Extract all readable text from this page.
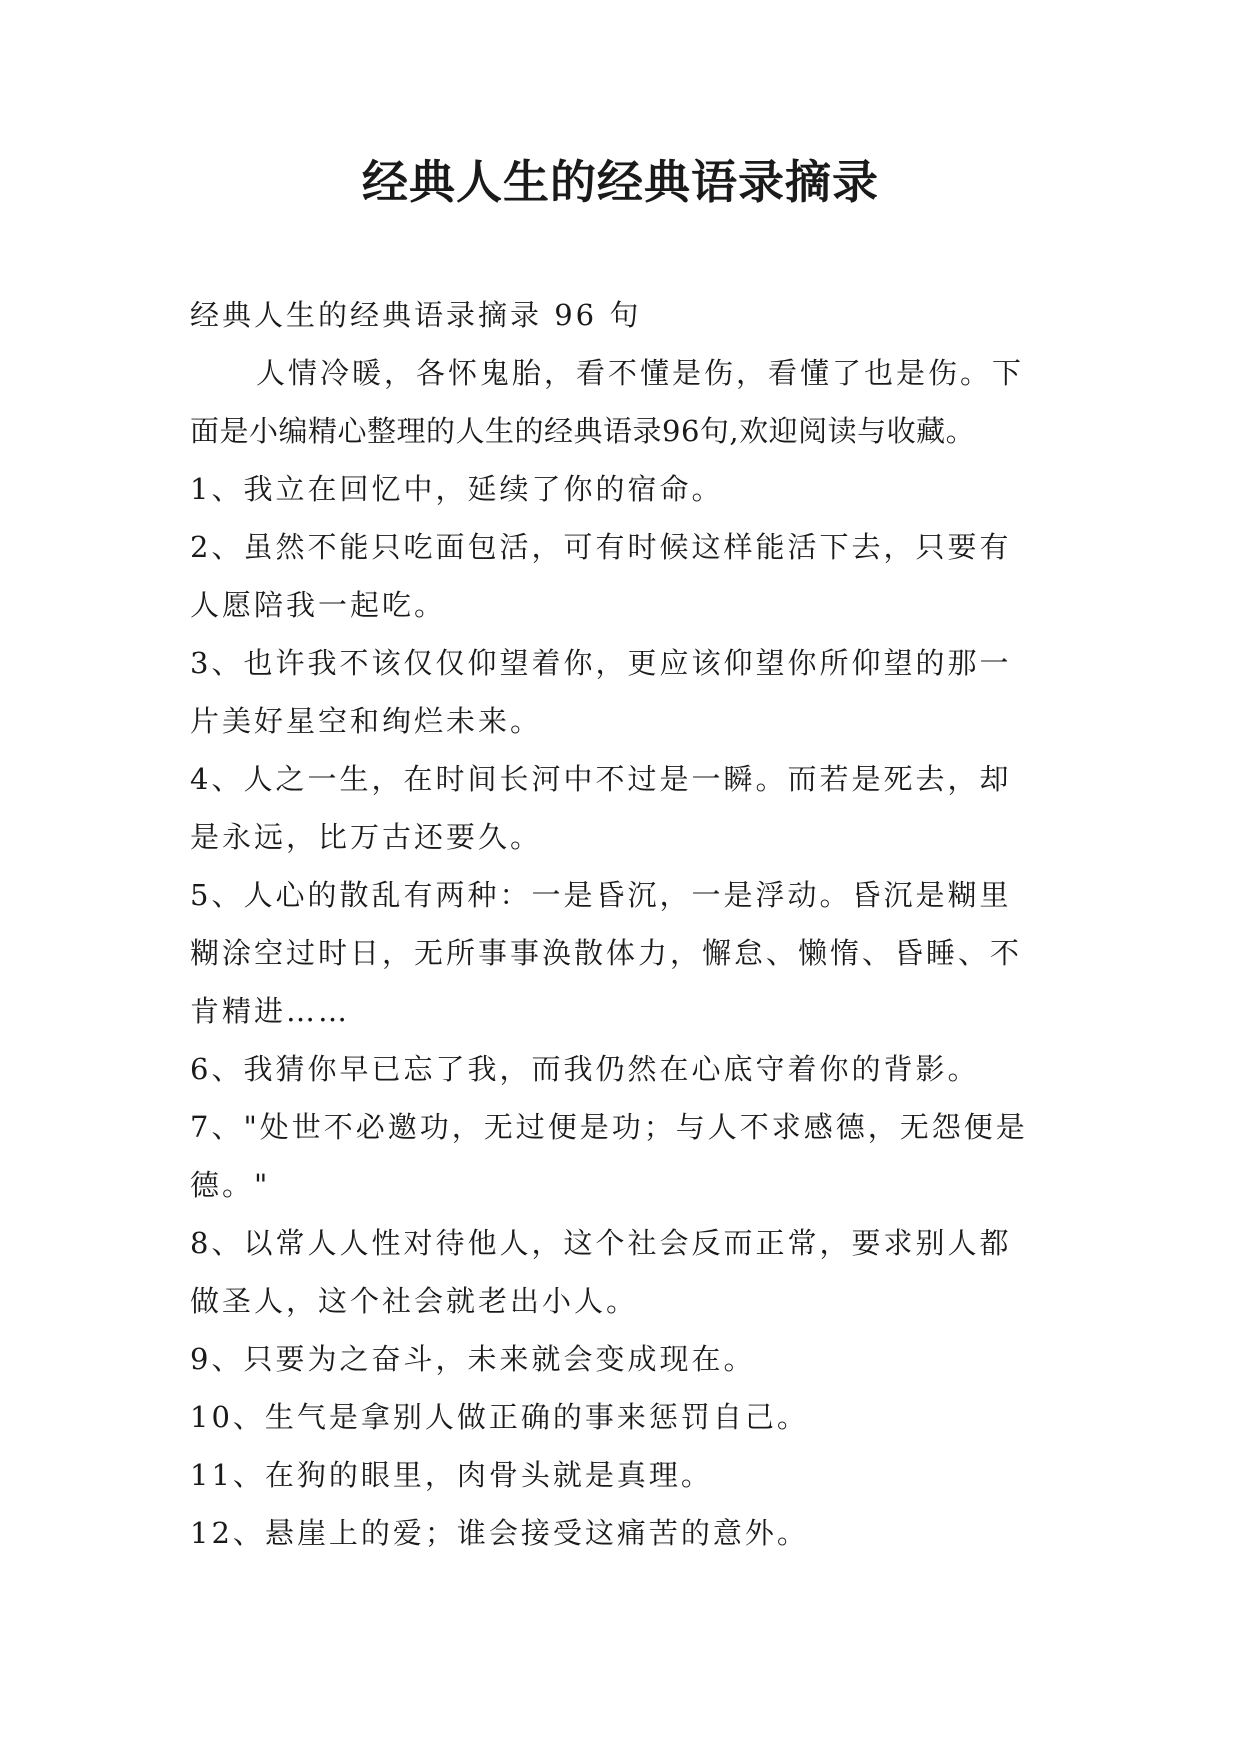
经典人生的经典语录摘录
经典人生的经典语录摘录 96 句
人情冷暖，各怀鬼胎，看不懂是伤，看懂了也是伤。下
面是小编精心整理的人生的经典语录96句,欢迎阅读与收藏。
1、我立在回忆中，延续了你的宿命。
2、虽然不能只吃面包活，可有时候这样能活下去，只要有
人愿陪我一起吃。
3、也许我不该仅仅仰望着你，更应该仰望你所仰望的那一
片美好星空和绚烂未来。
4、人之一生，在时间长河中不过是一瞬。而若是死去，却
是永远，比万古还要久。
5、人心的散乱有两种：一是昏沉，一是浮动。昏沉是糊里
糊涂空过时日，无所事事涣散体力，懈怠、懒惰、昏睡、不
肯精进……
6、我猜你早已忘了我，而我仍然在心底守着你的背影。
7、"处世不必邀功，无过便是功；与人不求感德，无怨便是
德。"
8、以常人人性对待他人，这个社会反而正常，要求别人都
做圣人，这个社会就老出小人。
9、只要为之奋斗，未来就会变成现在。
10、生气是拿别人做正确的事来惩罚自己。
11、在狗的眼里，肉骨头就是真理。
12、悬崖上的爱；谁会接受这痛苦的意外。
